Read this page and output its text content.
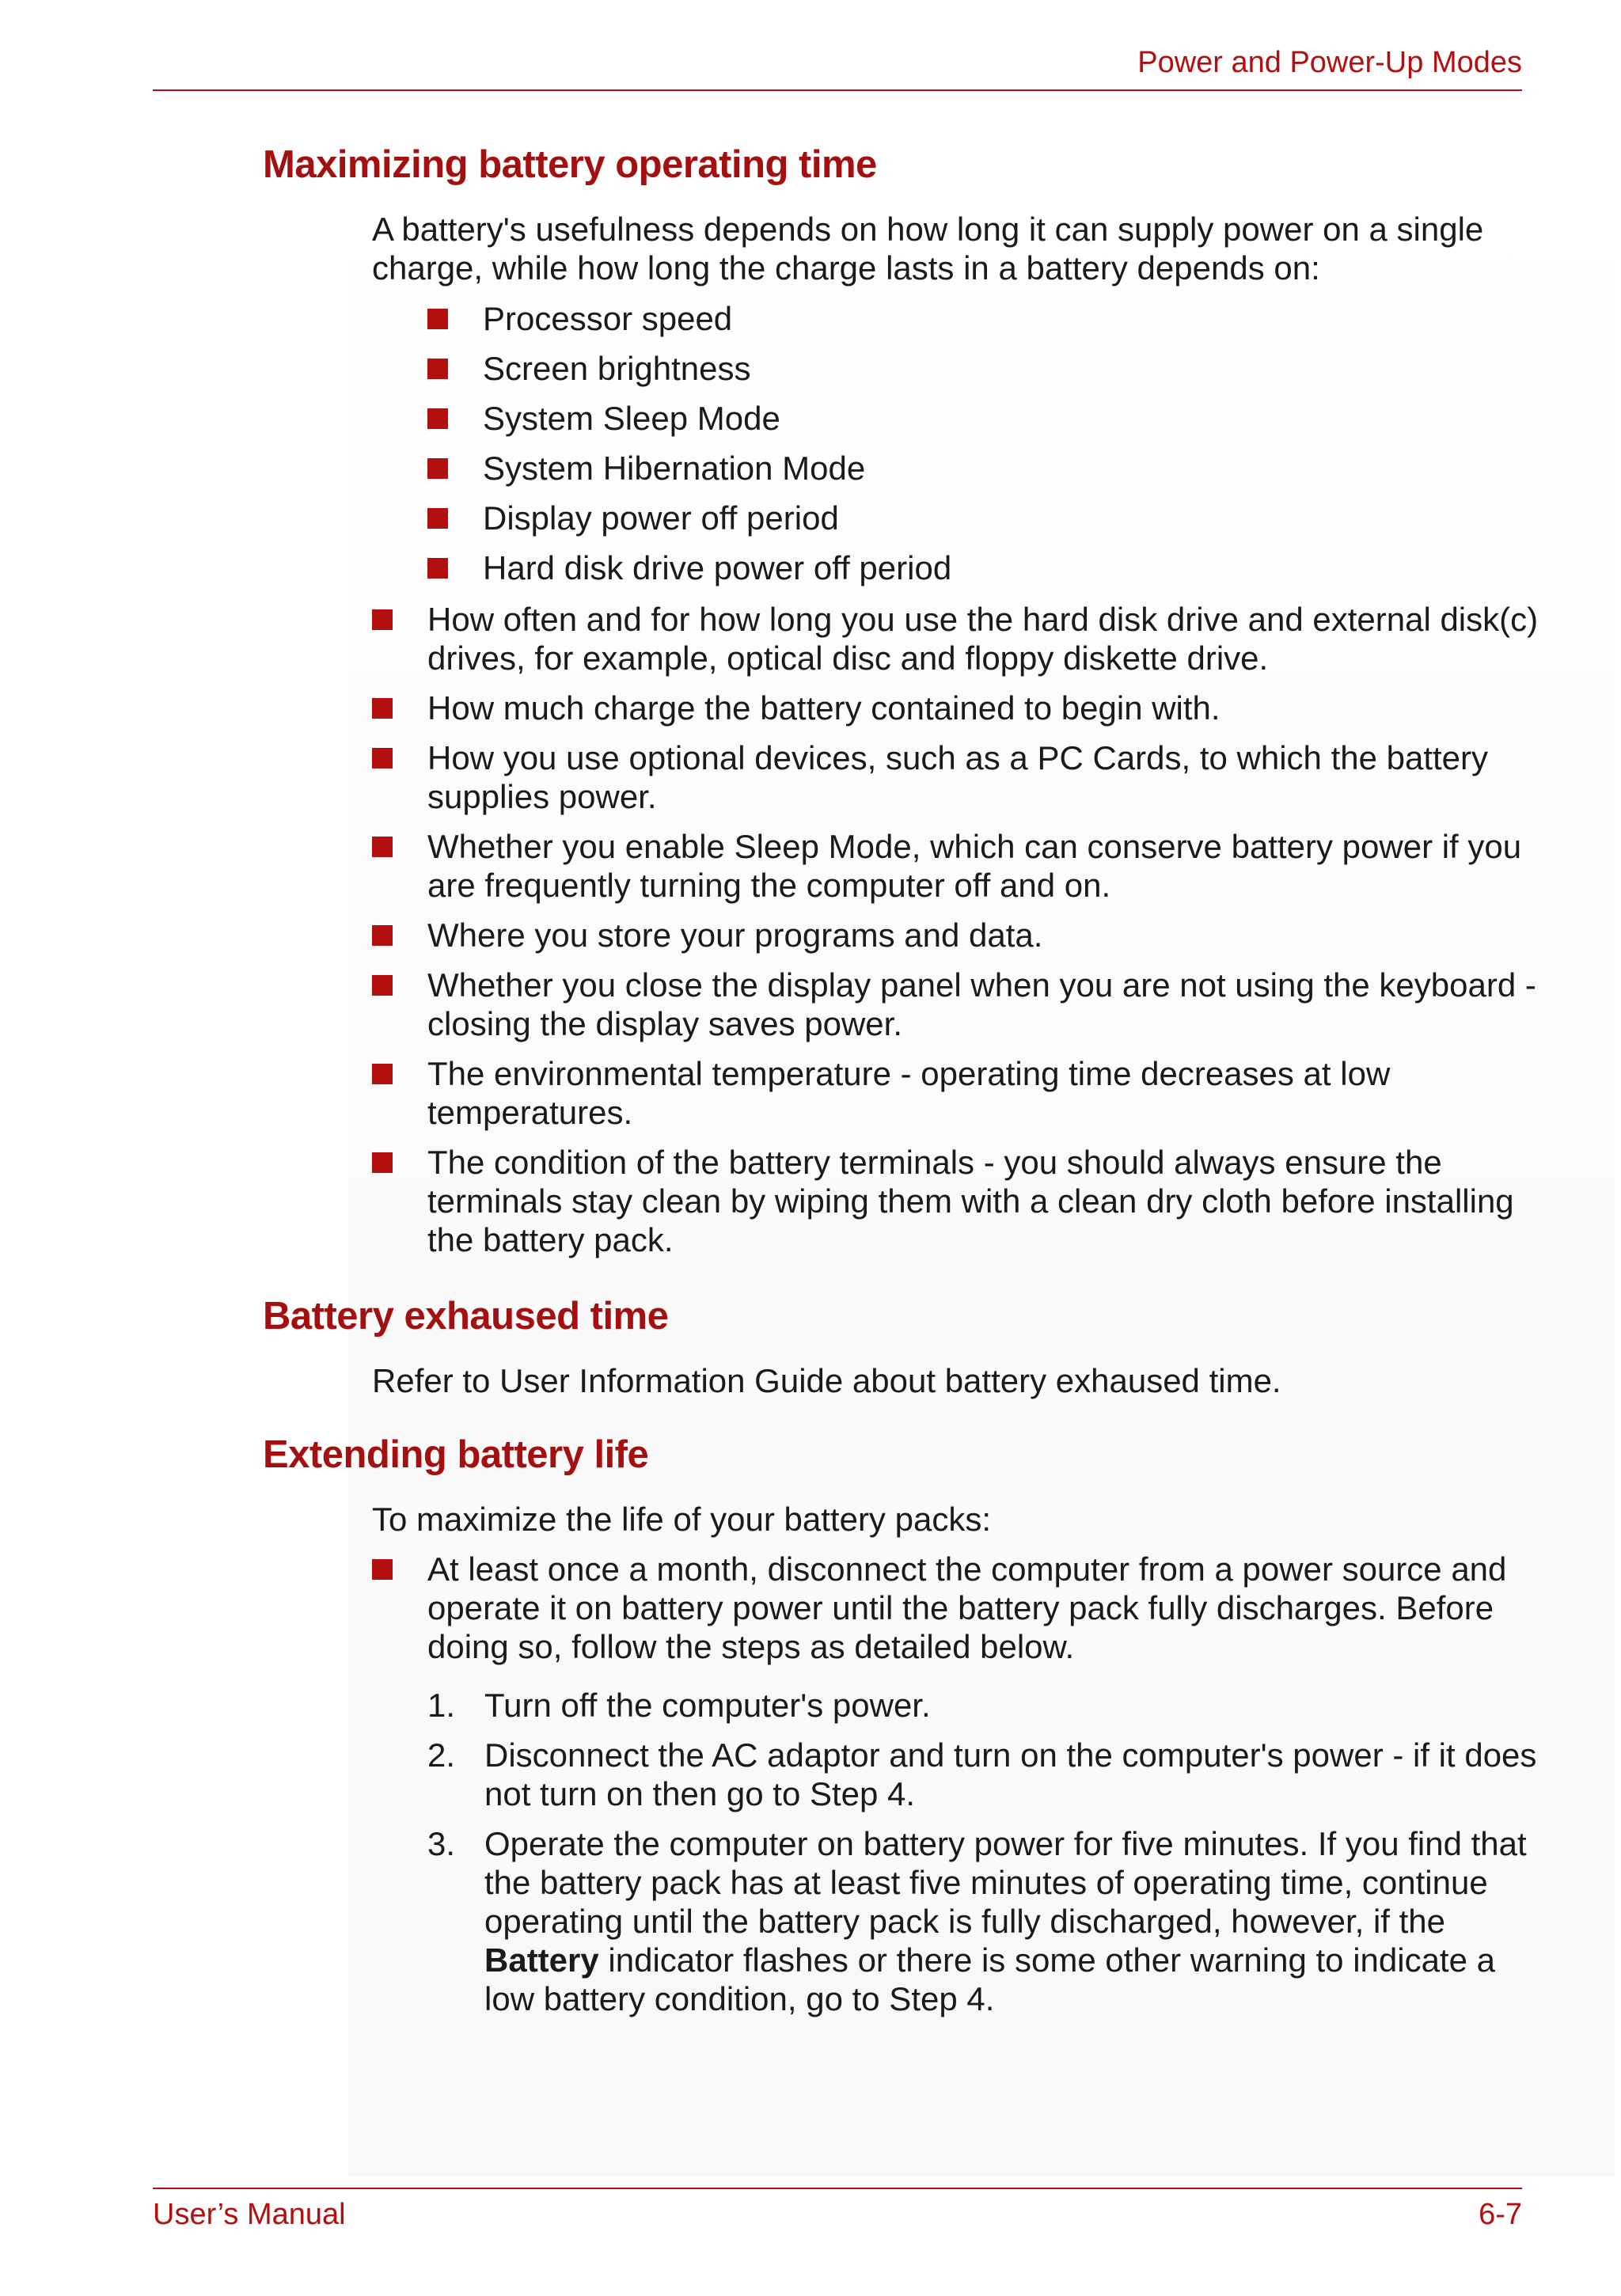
Power and Power-Up Modes
Maximizing battery operating time
A battery's usefulness depends on how long it can supply power on a single charge, while how long the charge lasts in a battery depends on:
Processor speed
Screen brightness
System Sleep Mode
System Hibernation Mode
Display power off period
Hard disk drive power off period
How often and for how long you use the hard disk drive and external disk(c) drives, for example, optical disc and floppy diskette drive.
How much charge the battery contained to begin with.
How you use optional devices, such as a PC Cards, to which the battery supplies power.
Whether you enable Sleep Mode, which can conserve battery power if you are frequently turning the computer off and on.
Where you store your programs and data.
Whether you close the display panel when you are not using the keyboard - closing the display saves power.
The environmental temperature - operating time decreases at low temperatures.
The condition of the battery terminals - you should always ensure the terminals stay clean by wiping them with a clean dry cloth before installing the battery pack.
Battery exhaused time
Refer to User Information Guide about battery exhaused time.
Extending battery life
To maximize the life of your battery packs:
At least once a month, disconnect the computer from a power source and operate it on battery power until the battery pack fully discharges. Before doing so, follow the steps as detailed below.
1. Turn off the computer's power.
2. Disconnect the AC adaptor and turn on the computer's power - if it does not turn on then go to Step 4.
3. Operate the computer on battery power for five minutes. If you find that the battery pack has at least five minutes of operating time, continue operating until the battery pack is fully discharged, however, if the Battery indicator flashes or there is some other warning to indicate a low battery condition, go to Step 4.
User’s Manual	6-7
